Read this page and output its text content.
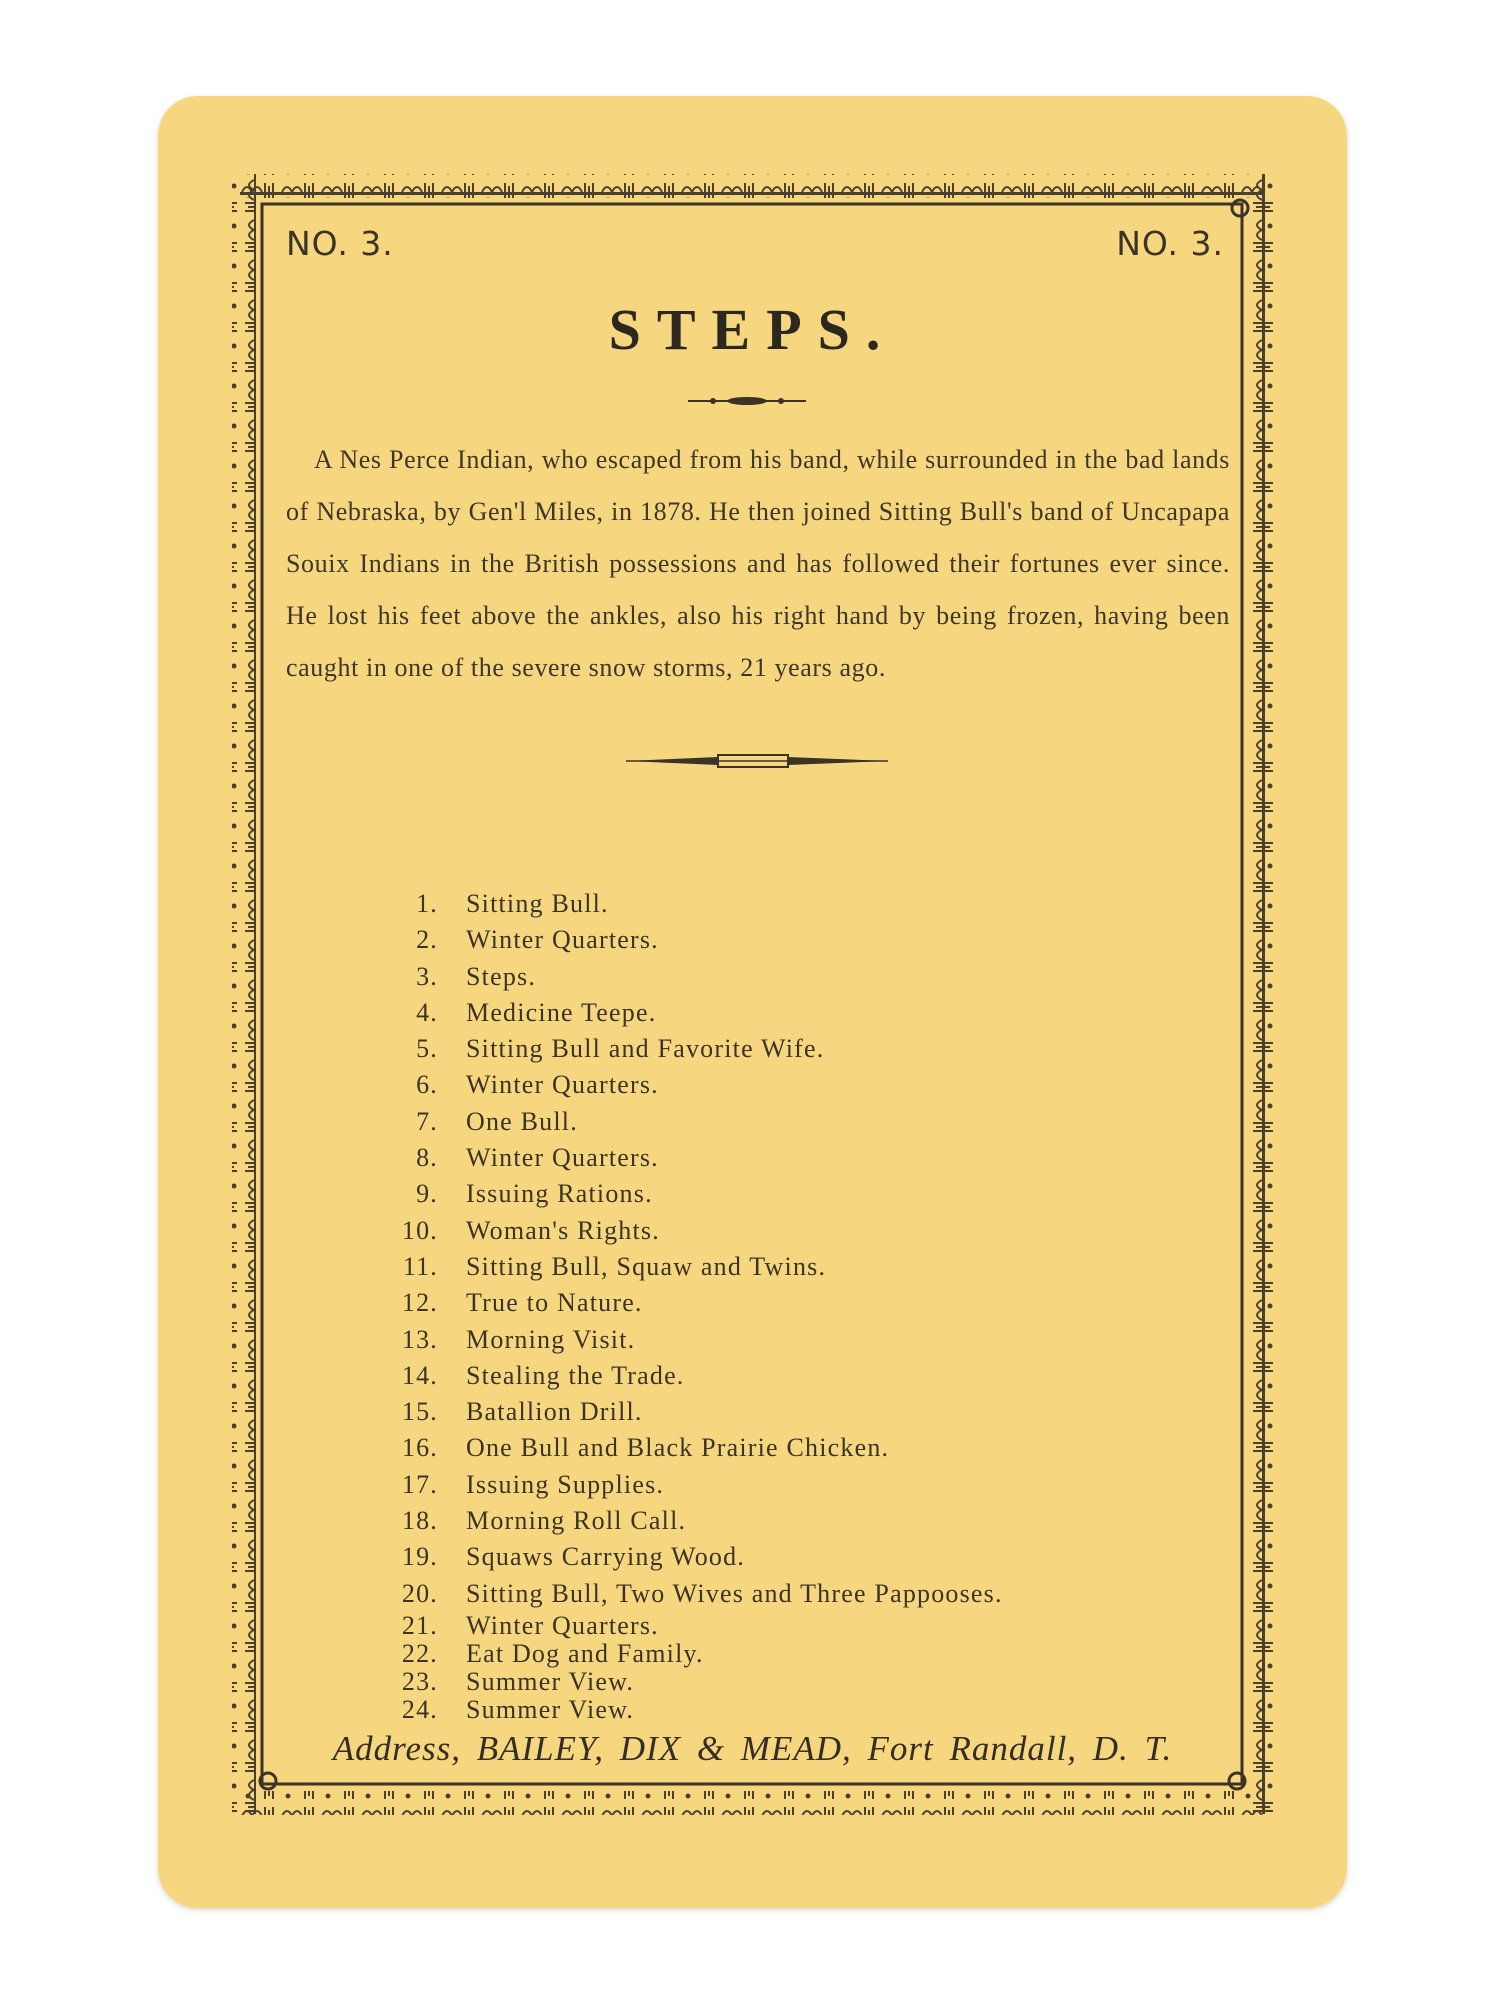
NO. 3.	NO. 3.
STEPS.
A Nes Perce Indian, who escaped from his band, while surrounded in the bad lands of Nebraska, by Gen'l Miles, in 1878. He then joined Sitting Bull's band of Uncapapa Souix Indians in the British possessions and has followed their fortunes ever since. He lost his feet above the ankles, also his right hand by being frozen, having been caught in one of the severe snow storms, 21 years ago.
1. Sitting Bull.
2. Winter Quarters.
3. Steps.
4. Medicine Teepe.
5. Sitting Bull and Favorite Wife.
6. Winter Quarters.
7. One Bull.
8. Winter Quarters.
9. Issuing Rations.
10. Woman's Rights.
11. Sitting Bull, Squaw and Twins.
12. True to Nature.
13. Morning Visit.
14. Stealing the Trade.
15. Batallion Drill.
16. One Bull and Black Prairie Chicken.
17. Issuing Supplies.
18. Morning Roll Call.
19. Squaws Carrying Wood.
20. Sitting Bull, Two Wives and Three Pappooses.
21. Winter Quarters.
22. Eat Dog and Family.
23. Summer View.
24. Summer View.
Address, BAILEY, DIX & MEAD, Fort Randall, D. T.
